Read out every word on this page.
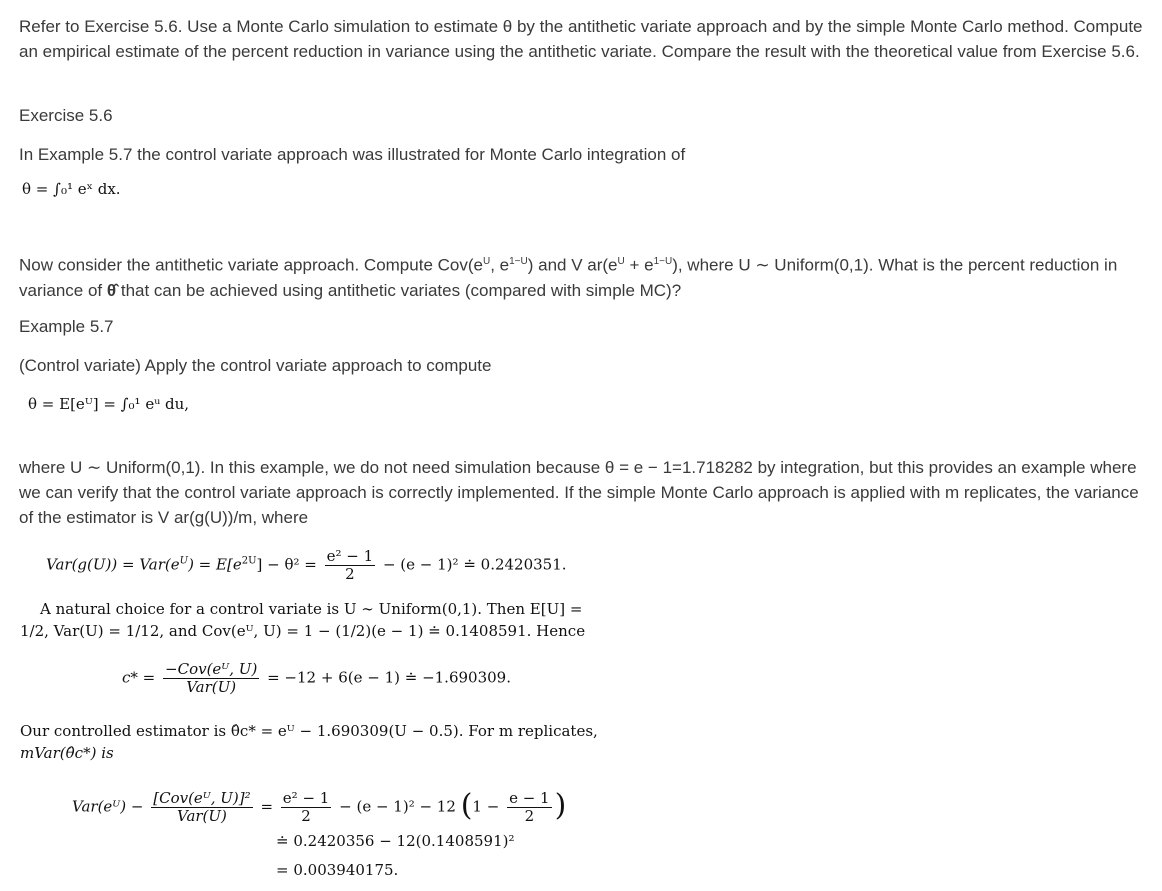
Refer to Exercise 5.6. Use a Monte Carlo simulation to estimate θ by the antithetic variate approach and by the simple Monte Carlo method. Compute an empirical estimate of the percent reduction in variance using the antithetic variate. Compare the result with the theoretical value from Exercise 5.6.
Exercise 5.6
In Example 5.7 the control variate approach was illustrated for Monte Carlo integration of
θ = ∫₀¹ eˣ dx.
Now consider the antithetic variate approach. Compute $Cov(e^U$, $e^{1-U}$) and V $ar(e^U + e^{1-U})$, where U ∼ Uniform(0,1). What is the percent reduction in variance of θ̂ that can be achieved using antithetic variates (compared with simple MC)?
Example 5.7
(Control variate) Apply the control variate approach to compute
θ = E[eᵁ] = ∫₀¹ eᵘ du,
where U ∼ Uniform(0,1). In this example, we do not need simulation because θ = e − 1=1.718282 by integration, but this provides an example where we can verify that the control variate approach is correctly implemented. If the simple Monte Carlo approach is applied with m replicates, the variance of the estimator is V ar(g(U))/m, where
$Var(g(U)) = Var(e^U) = E[e^{2U}] - \theta^2 = \frac{\text{e² − 1}}{2} - (e - 1)^2$ ≐ 0.2420351.
A natural choice for a control variate is U ∼ Uniform(0,1). Then E[U] =
1/2, Var(U) = 1/12, and Cov(eᵁ, U) = 1 − (1/2)(e − 1) ≐ 0.1408591. Hence
$c* = \frac{\text{−Cov(eᵁ, U)}}{\text{Var(U)}} = -12 + 6(e - 1)$ ≐ −1.690309.
Our controlled estimator is θ̂c* = eᵁ − 1.690309(U − 0.5). For m replicates,
mVar(θ̂c*) is
Var(eᵁ) − $\frac{\text{[Cov(eᵁ, U)]²}}{\text{Var(U)}} = \frac{\text{e² − 1}}{2} - (e - 1)^2 - 12$ ($1 - \frac{e - 1}{2}$ )
≐ 0.2420356 − 12(0.1408591)²
= 0.003940175.
